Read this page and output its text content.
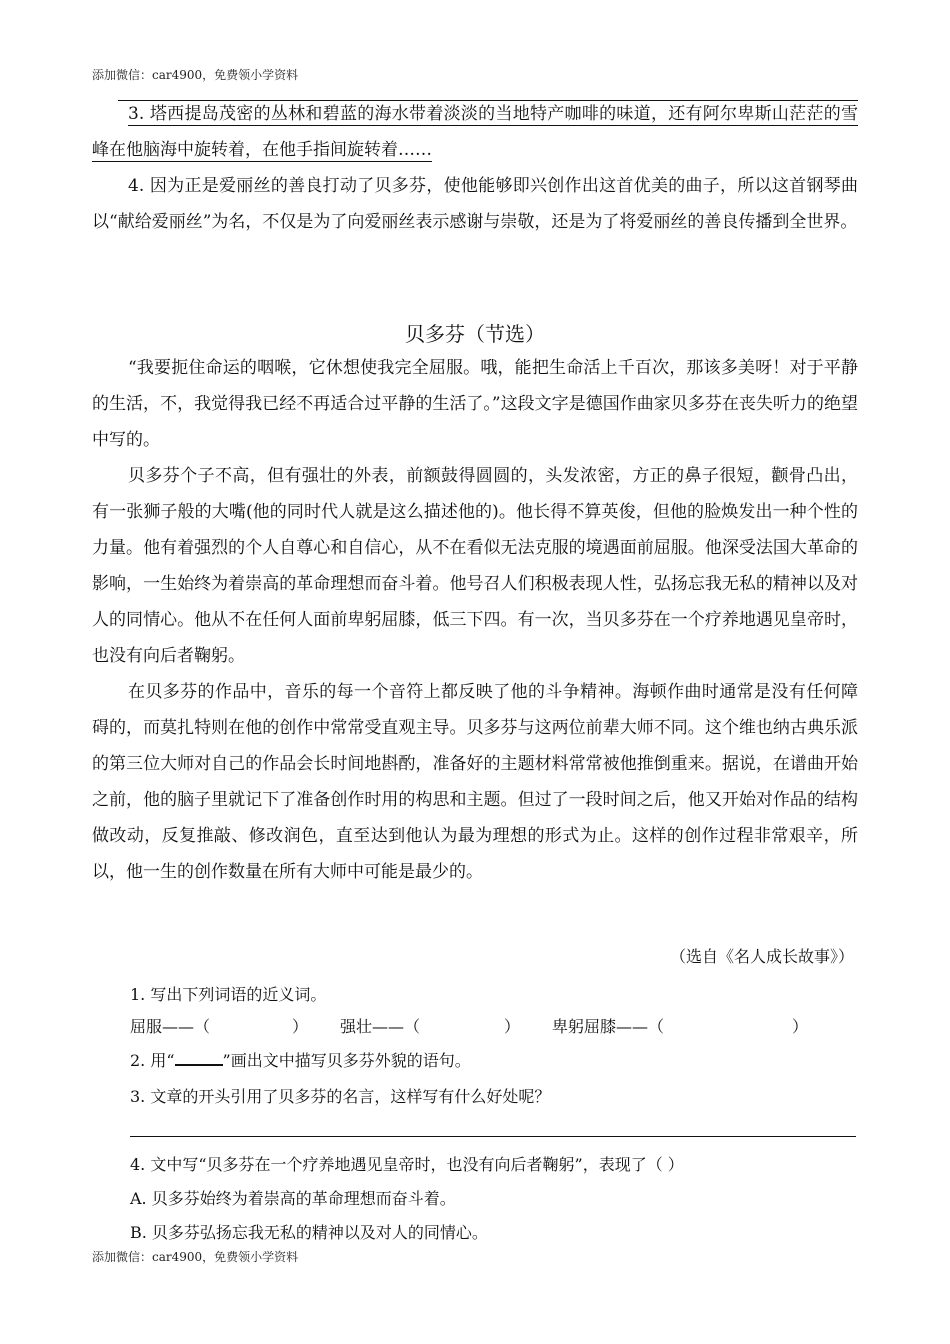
添加微信：car4900，免费领小学资料

3. 塔西提岛茂密的丛林和碧蓝的海水带着淡淡的当地特产咖啡的味道，还有阿尔卑斯山茫茫的雪峰在他脑海中旋转着，在他手指间旋转着……

4. 因为正是爱丽丝的善良打动了贝多芬，使他能够即兴创作出这首优美的曲子，所以这首钢琴曲以“献给爱丽丝”为名，不仅是为了向爱丽丝表示感谢与崇敬，还是为了将爱丽丝的善良传播到全世界。

贝多芬（节选）

“我要扼住命运的咽喉，它休想使我完全屈服。哦，能把生命活上千百次，那该多美呀！对于平静的生活，不，我觉得我已经不再适合过平静的生活了。”这段文字是德国作曲家贝多芬在丧失听力的绝望中写的。

贝多芬个子不高，但有强壮的外表，前额鼓得圆圆的，头发浓密，方正的鼻子很短，颧骨凸出，有一张狮子般的大嘴(他的同时代人就是这么描述他的)。他长得不算英俊，但他的脸焕发出一种个性的力量。他有着强烈的个人自尊心和自信心，从不在看似无法克服的境遇面前屈服。他深受法国大革命的影响，一生始终为着崇高的革命理想而奋斗着。他号召人们积极表现人性，弘扬忘我无私的精神以及对人的同情心。他从不在任何人面前卑躬屈膝，低三下四。有一次，当贝多芬在一个疗养地遇见皇帝时，也没有向后者鞠躬。

在贝多芬的作品中，音乐的每一个音符上都反映了他的斗争精神。海顿作曲时通常是没有任何障碍的，而莫扎特则在他的创作中常常受直观主导。贝多芬与这两位前辈大师不同。这个维也纳古典乐派的第三位大师对自己的作品会长时间地斟酌，准备好的主题材料常常被他推倒重来。据说，在谱曲开始之前，他的脑子里就记下了准备创作时用的构思和主题。但过了一段时间之后，他又开始对作品的结构做改动，反复推敲、修改润色，直至达到他认为最为理想的形式为止。这样的创作过程非常艰辛，所以，他一生的创作数量在所有大师中可能是最少的。

（选自《名人成长故事》）
1. 写出下列词语的近义词。
屈服——（	） 强壮——（	） 卑躬屈膝——（	）
2. 用“	”画出文中描写贝多芬外貌的语句。
3. 文章的开头引用了贝多芬的名言，这样写有什么好处呢？
4. 文中写“贝多芬在一个疗养地遇见皇帝时，也没有向后者鞠躬”，表现了（ ）
A. 贝多芬始终为着崇高的革命理想而奋斗着。
B. 贝多芬弘扬忘我无私的精神以及对人的同情心。
添加微信：car4900，免费领小学资料
